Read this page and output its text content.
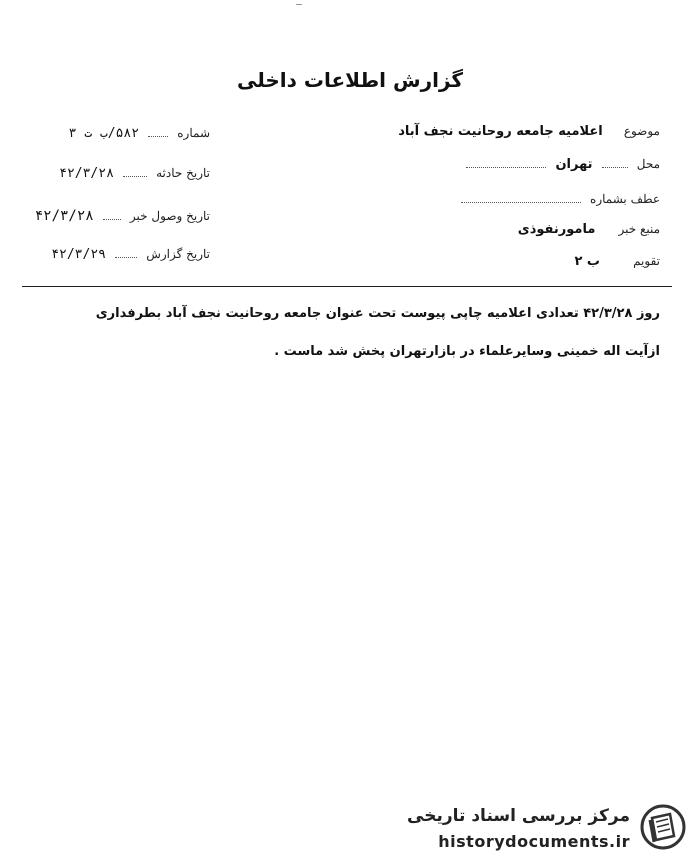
گزارش اطلاعات داخلی
موضوع اعلامیه جامعه روحانیت نجف آباد
محل  تهران
عطف بشماره
منبع خبر مامورنفوذی
تقویم ب ۲
شماره  ۵۸۲/ب ت ۳
تاریخ حادثه  ۴۲/۳/۲۸
تاریخ وصول خبر  ۴۲/۳/۲۸
تاریخ گزارش  ۴۲/۳/۲۹
روز ۴۲/۳/۲۸ تعدادی اعلامیه چاپی پیوست تحت عنوان جامعه روحانیت نجف آباد بطرفداری
ازآیت اله خمینی وسایرعلماء در بازارتهران پخش شد ماست .
مرکز بررسی اسناد تاریخی
historydocuments.ir
